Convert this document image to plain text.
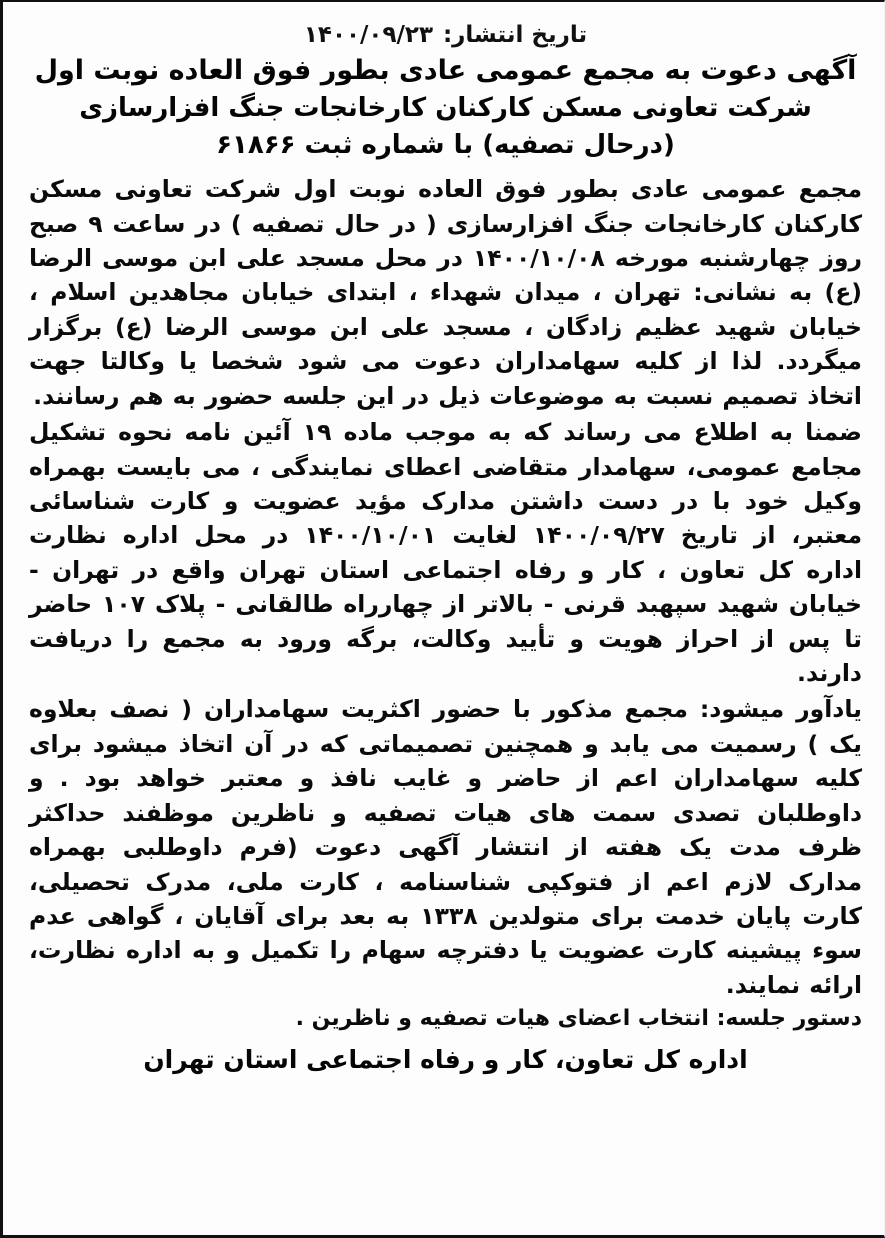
تاریخ انتشار:۱۴۰۰/۰۹/۲۳
آگهی دعوت به مجمع عمومی عادی بطور فوق العاده نوبت اول
شرکت تعاونی مسکن کارکنان کارخانجات جنگ افزارسازی
(درحال تصفیه) با شماره ثبت ۶۱۸۶۶

مجمع عمومی عادی بطور فوق العاده نوبت اول شرکت تعاونی مسکن کارکنان کارخانجات جنگ افزارسازی ( در حال تصفیه ) در ساعت ۹ صبح روز چهارشنبه مورخه ۱۴۰۰/۱۰/۰۸ در محل مسجد علی ابن موسی الرضا (ع) به نشانی: تهران ، میدان شهداء ، ابتدای خیابان مجاهدین اسلام ، خیابان شهید عظیم زادگان ، مسجد علی ابن موسی الرضا (ع) برگزار میگردد. لذا از کلیه سهامداران دعوت می شود شخصا یا وکالتا جهت اتخاذ تصمیم نسبت به موضوعات ذیل در این جلسه حضور به هم رسانند.

ضمنا به اطلاع می رساند که به موجب ماده ۱۹ آئین نامه نحوه تشکیل مجامع عمومی، سهامدار متقاضی اعطای نمایندگی ، می بایست بهمراه وکیل خود با در دست داشتن مدارک مؤید عضویت و کارت شناسائی معتبر، از تاریخ ۱۴۰۰/۰۹/۲۷ لغایت ۱۴۰۰/۱۰/۰۱ در محل اداره نظارت اداره کل تعاون ، کار و رفاه اجتماعی استان تهران واقع در تهران - خیابان شهید سپهبد قرنی - بالاتر از چهارراه طالقانی - پلاک ۱۰۷ حاضر تا پس از احراز هویت و تأیید وکالت، برگه ورود به مجمع را دریافت دارند.

یادآور میشود: مجمع مذکور با حضور اکثریت سهامداران ( نصف بعلاوه یک ) رسمیت می یابد و همچنین تصمیماتی که در آن اتخاذ میشود برای کلیه سهامداران اعم از حاضر و غایب نافذ و معتبر خواهد بود . و داوطلبان تصدی سمت های هیات تصفیه و ناظرین موظفند حداکثر ظرف مدت یک هفته از انتشار آگهی دعوت (فرم داوطلبی بهمراه مدارک لازم اعم از فتوکپی شناسنامه ، کارت ملی، مدرک تحصیلی، کارت پایان خدمت برای متولدین ۱۳۳۸ به بعد برای آقایان ، گواهی عدم سوء پیشینه کارت عضویت یا دفترچه سهام را تکمیل و به اداره نظارت، ارائه نمایند.

دستور جلسه: انتخاب اعضای هیات تصفیه و ناظرین .

اداره کل تعاون، کار و رفاه اجتماعی استان تهران
